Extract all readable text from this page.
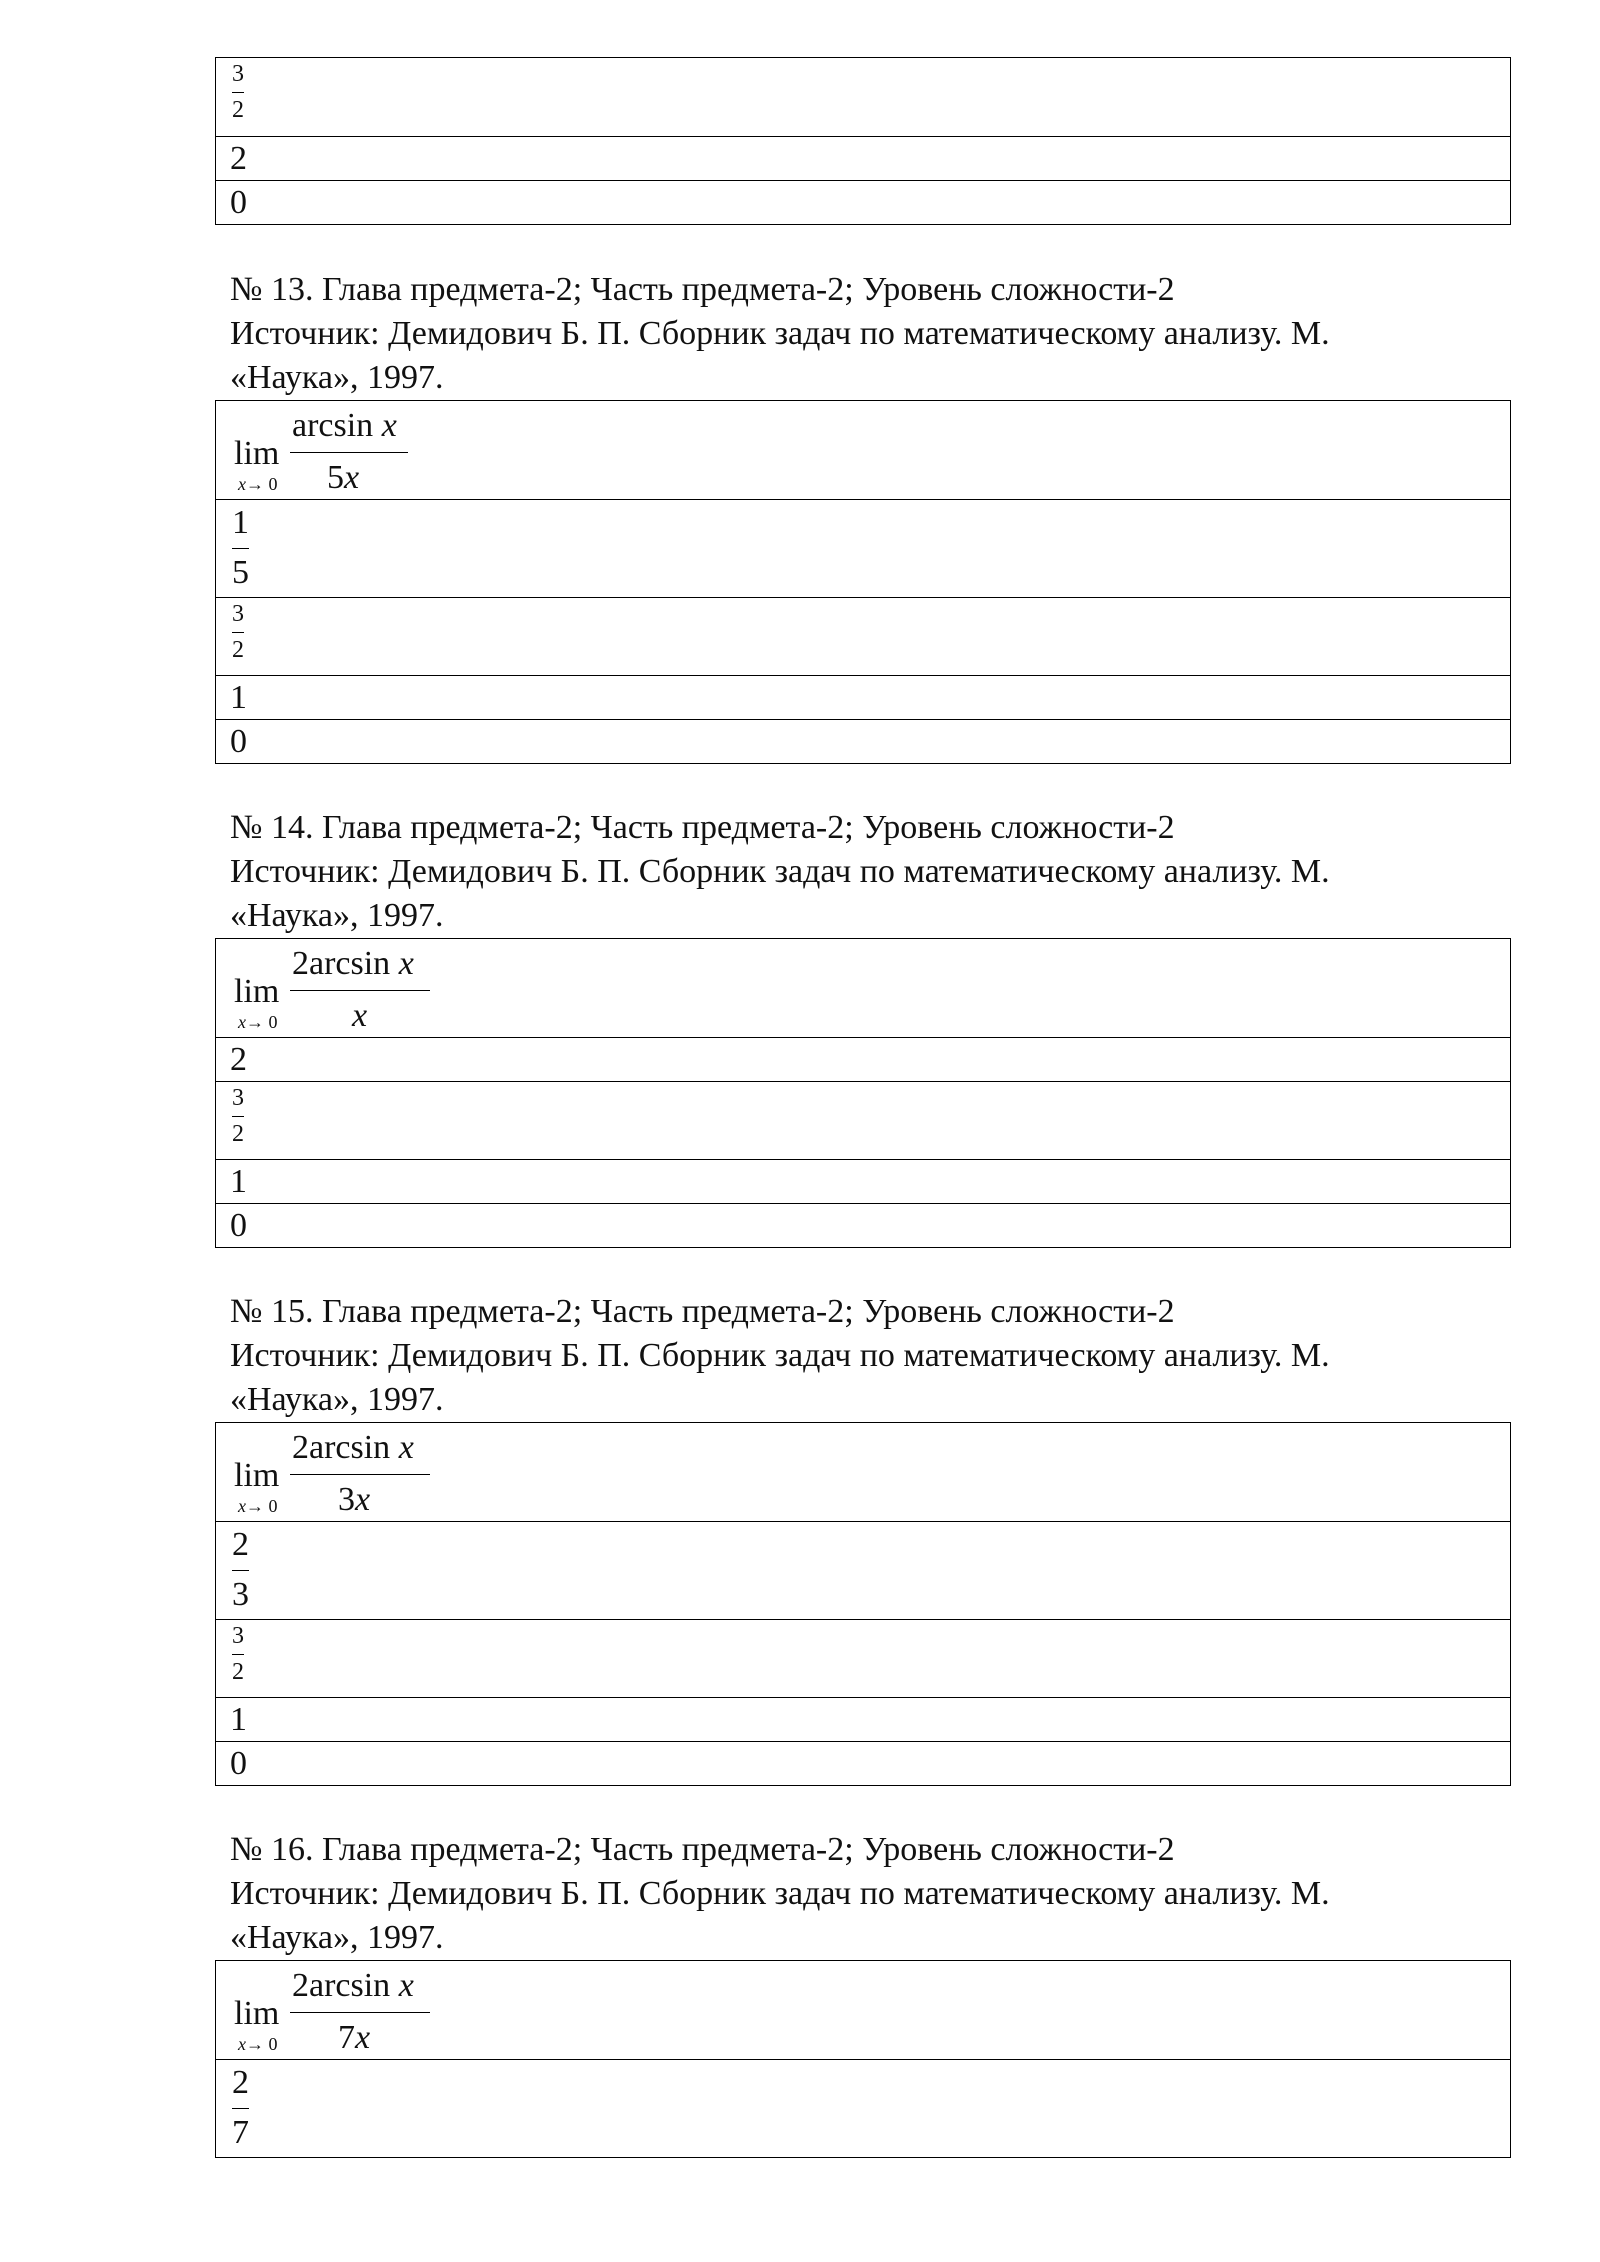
3
2
2
0
№ 13. Глава предмета-2; Часть предмета-2; Уровень сложности-2
Источник: Демидович Б. П. Сборник задач по математическому анализу. М.
«Наука», 1997.
lim
x→ 0
arcsin x
5x
1
5
3
2
1
0
№ 14. Глава предмета-2; Часть предмета-2; Уровень сложности-2
Источник: Демидович Б. П. Сборник задач по математическому анализу. М.
«Наука», 1997.
lim
x→ 0
2arcsin x
x
2
3
2
1
0
№ 15. Глава предмета-2; Часть предмета-2; Уровень сложности-2
Источник: Демидович Б. П. Сборник задач по математическому анализу. М.
«Наука», 1997.
lim
x→ 0
2arcsin x
3x
2
3
3
2
1
0
№ 16. Глава предмета-2; Часть предмета-2; Уровень сложности-2
Источник: Демидович Б. П. Сборник задач по математическому анализу. М.
«Наука», 1997.
lim
x→ 0
2arcsin x
7x
2
7
